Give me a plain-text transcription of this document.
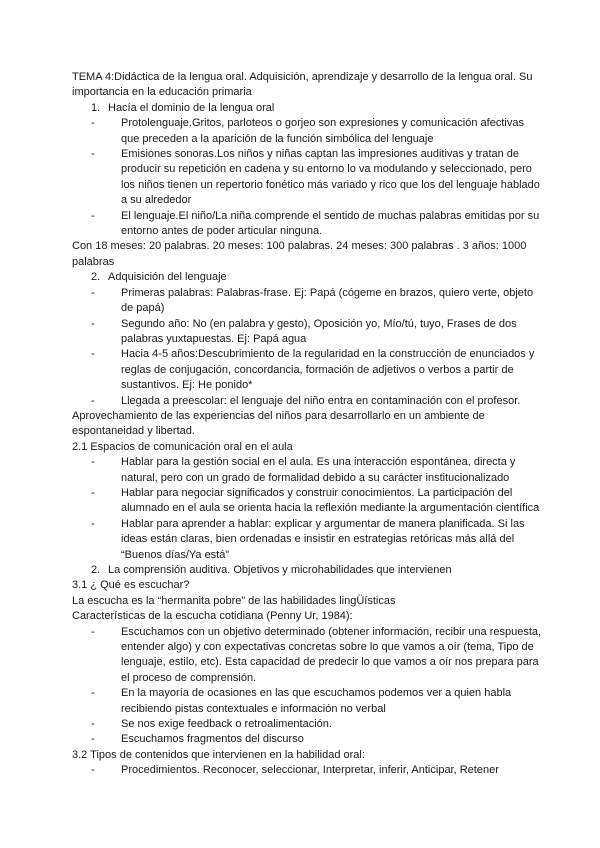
TEMA 4:Didáctica de la lengua oral. Adquisición, aprendizaje y desarrollo de la lengua oral. Su importancia en la educación primaria
1. Hacía el dominio de la lengua oral
- Protolenguaje.Gritos, parloteos o gorjeo son expresiones y comunicación afectivas que preceden a la aparición de la función simbólica del lenguaje
- Emisiones sonoras.Los niños y niñas captan las impresiones auditivas y tratan de producir su repetición en cadena y su entorno lo va modulando y seleccionado, pero los niños tienen un repertorio fonético más variado y rico que los del lenguaje hablado a su alrededor
- El lenguaje.El niño/La niña comprende el sentido de muchas palabras emitidas por su entorno antes de poder articular ninguna.
Con 18 meses: 20 palabras. 20 meses: 100 palabras. 24 meses: 300 palabras . 3 años: 1000 palabras
2. Adquisición del lenguaje
- Primeras palabras: Palabras-frase. Ej: Papá (cógeme en brazos, quiero verte, objeto de papá)
- Segundo año: No (en palabra y gesto), Oposición yo, Mío/tú, tuyo, Frases de dos palabras yuxtapuestas. Ej: Papá agua
- Hacia 4-5 años:Descubrimiento de la regularidad en la construcción de enunciados y reglas de conjugación, concordancia, formación de adjetivos o verbos a partir de sustantivos. Ej: He ponido*
- Llegada a preescolar: el lenguaje del niño entra en contaminación con el profesor.
Aprovechamiento de las experiencias del niños para desarrollarlo en un ambiente de espontaneidad y libertad.
2.1 Espacios de comunicación oral en el aula
- Hablar para la gestión social en el aula. Es una interacción espontánea, directa y natural, pero con un grado de formalidad debido a su carácter institucionalizado
- Hablar para negociar significados y construir conocimientos. La participación del alumnado en el aula se orienta hacia la reflexión mediante la argumentación científica
- Hablar para aprender a hablar: explicar y argumentar de manera planificada. Si las ideas están claras, bien ordenadas e insistir en estrategias retóricas más allá del “Buenos días/Ya está”
2. La comprensión auditiva. Objetivos y microhabilidades que intervienen
3.1 ¿ Qué es escuchar?
La escucha es la “hermanita pobre” de las habilidades lingÜísticas
Características de la escucha cotidiana (Penny Ur, 1984):
- Escuchamos con un objetivo determinado (obtener información, recibir una respuesta, entender algo) y con expectativas concretas sobre lo que vamos a oír (tema, Tipo de lenguaje, estilo, etc). Esta capacidad de predecir lo que vamos a oír nos prepara para el proceso de comprensión.
- En la mayoría de ocasiones en las que escuchamos podemos ver a quien habla recibiendo pistas contextuales e información no verbal
- Se nos exige feedback o retroalimentación.
- Escuchamos fragmentos del discurso
3.2 Tipos de contenidos que intervienen en la habilidad oral:
- Procedimientos. Reconocer, seleccionar, Interpretar, inferir, Anticipar, Retener
